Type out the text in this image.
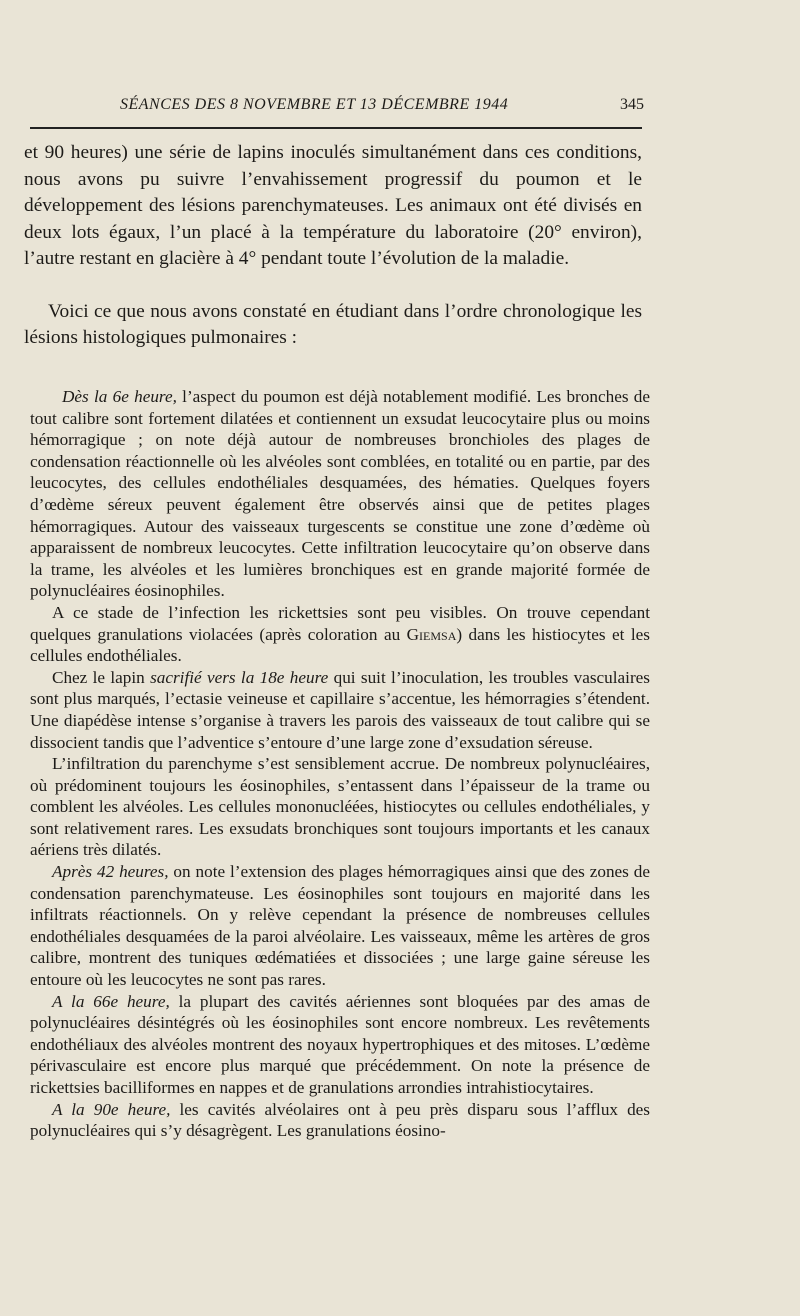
SÉANCES DES 8 NOVEMBRE ET 13 DÉCEMBRE 1944	345

et 90 heures) une série de lapins inoculés simultanément dans ces conditions, nous avons pu suivre l’envahissement progressif du poumon et le développement des lésions parenchymateuses. Les animaux ont été divisés en deux lots égaux, l’un placé à la température du laboratoire (20° environ), l’autre restant en glacière à 4° pendant toute l’évolution de la maladie.

Voici ce que nous avons constaté en étudiant dans l’ordre chronologique les lésions histologiques pulmonaires :

Dès la 6e heure, l’aspect du poumon est déjà notablement modifié. Les bronches de tout calibre sont fortement dilatées et contiennent un exsudat leucocytaire plus ou moins hémorragique ; on note déjà autour de nombreuses bronchioles des plages de condensation réactionnelle où les alvéoles sont comblées, en totalité ou en partie, par des leucocytes, des cellules endothéliales desquamées, des hématies. Quelques foyers d’œdème séreux peuvent également être observés ainsi que de petites plages hémorragiques. Autour des vaisseaux turgescents se constitue une zone d’œdème où apparaissent de nombreux leucocytes. Cette infiltration leucocytaire qu’on observe dans la trame, les alvéoles et les lumières bronchiques est en grande majorité formée de polynucléaires éosinophiles.

A ce stade de l’infection les rickettsies sont peu visibles. On trouve cependant quelques granulations violacées (après coloration au Giemsa) dans les histiocytes et les cellules endothéliales.

Chez le lapin sacrifié vers la 18e heure qui suit l’inoculation, les troubles vasculaires sont plus marqués, l’ectasie veineuse et capillaire s’accentue, les hémorragies s’étendent. Une diapédèse intense s’organise à travers les parois des vaisseaux de tout calibre qui se dissocient tandis que l’adventice s’entoure d’une large zone d’exsudation séreuse.

L’infiltration du parenchyme s’est sensiblement accrue. De nombreux polynucléaires, où prédominent toujours les éosinophiles, s’entassent dans l’épaisseur de la trame ou comblent les alvéoles. Les cellules mononucléées, histiocytes ou cellules endothéliales, y sont relativement rares. Les exsudats bronchiques sont toujours importants et les canaux aériens très dilatés.

Après 42 heures, on note l’extension des plages hémorragiques ainsi que des zones de condensation parenchymateuse. Les éosinophiles sont toujours en majorité dans les infiltrats réactionnels. On y relève cependant la présence de nombreuses cellules endothéliales desquamées de la paroi alvéolaire. Les vaisseaux, même les artères de gros calibre, montrent des tuniques œdématiées et dissociées ; une large gaine séreuse les entoure où les leucocytes ne sont pas rares.

A la 66e heure, la plupart des cavités aériennes sont bloquées par des amas de polynucléaires désintégrés où les éosinophiles sont encore nombreux. Les revêtements endothéliaux des alvéoles montrent des noyaux hypertrophiques et des mitoses. L’œdème périvasculaire est encore plus marqué que précédemment. On note la présence de rickettsies bacilliformes en nappes et de granulations arrondies intrahistiocytaires.

A la 90e heure, les cavités alvéolaires ont à peu près disparu sous l’afflux des polynucléaires qui s’y désagrègent. Les granulations éosino-
